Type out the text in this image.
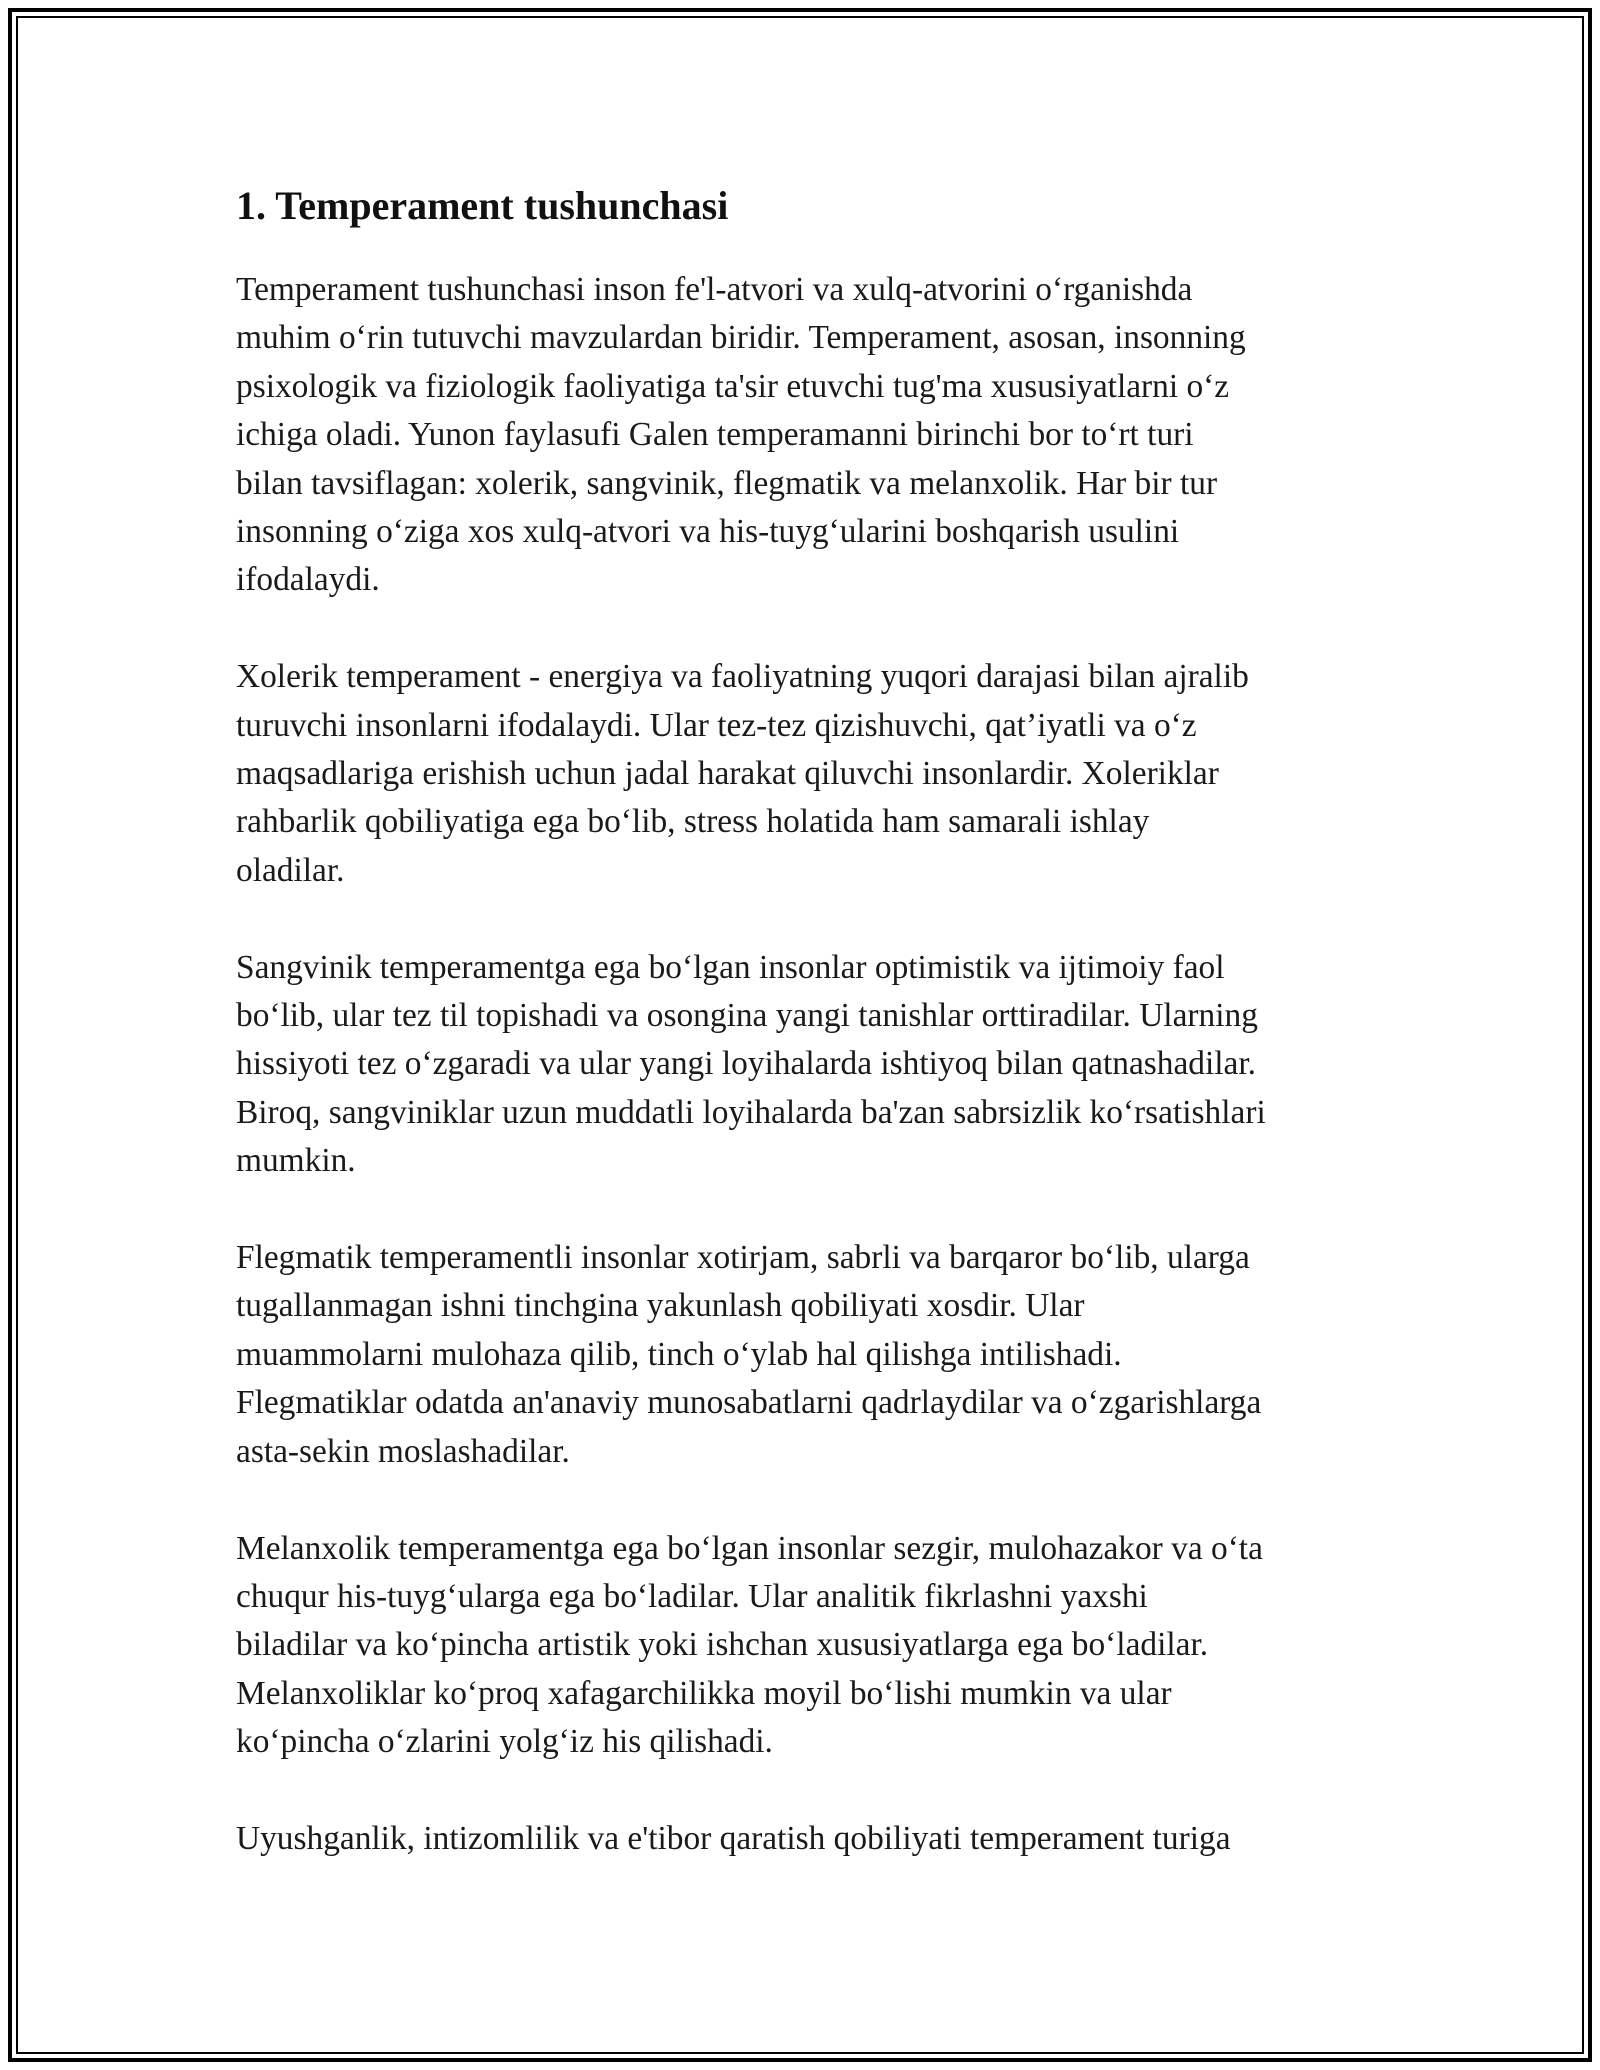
1. Temperament tushunchasi

Temperament tushunchasi inson fe'l-atvori va xulq-atvorini o‘rganishda
muhim o‘rin tutuvchi mavzulardan biridir. Temperament, asosan, insonning
psixologik va fiziologik faoliyatiga ta'sir etuvchi tug'ma xususiyatlarni o‘z
ichiga oladi. Yunon faylasufi Galen temperamanni birinchi bor to‘rt turi
bilan tavsiflagan: xolerik, sangvinik, flegmatik va melanxolik. Har bir tur
insonning o‘ziga xos xulq-atvori va his-tuyg‘ularini boshqarish usulini
ifodalaydi.

Xolerik temperament - energiya va faoliyatning yuqori darajasi bilan ajralib
turuvchi insonlarni ifodalaydi. Ular tez-tez qizishuvchi, qat’iyatli va o‘z
maqsadlariga erishish uchun jadal harakat qiluvchi insonlardir. Xoleriklar
rahbarlik qobiliyatiga ega bo‘lib, stress holatida ham samarali ishlay
oladilar.

Sangvinik temperamentga ega bo‘lgan insonlar optimistik va ijtimoiy faol
bo‘lib, ular tez til topishadi va osongina yangi tanishlar orttiradilar. Ularning
hissiyoti tez o‘zgaradi va ular yangi loyihalarda ishtiyoq bilan qatnashadilar.
Biroq, sangviniklar uzun muddatli loyihalarda ba'zan sabrsizlik ko‘rsatishlari
mumkin.

Flegmatik temperamentli insonlar xotirjam, sabrli va barqaror bo‘lib, ularga
tugallanmagan ishni tinchgina yakunlash qobiliyati xosdir. Ular
muammolarni mulohaza qilib, tinch o‘ylab hal qilishga intilishadi.
Flegmatiklar odatda an'anaviy munosabatlarni qadrlaydilar va o‘zgarishlarga
asta-sekin moslashadilar.

Melanxolik temperamentga ega bo‘lgan insonlar sezgir, mulohazakor va o‘ta
chuqur his-tuyg‘ularga ega bo‘ladilar. Ular analitik fikrlashni yaxshi
biladilar va ko‘pincha artistik yoki ishchan xususiyatlarga ega bo‘ladilar.
Melanxoliklar ko‘proq xafagarchilikka moyil bo‘lishi mumkin va ular
ko‘pincha o‘zlarini yolg‘iz his qilishadi.

Uyushganlik, intizomlilik va e'tibor qaratish qobiliyati temperament turiga
